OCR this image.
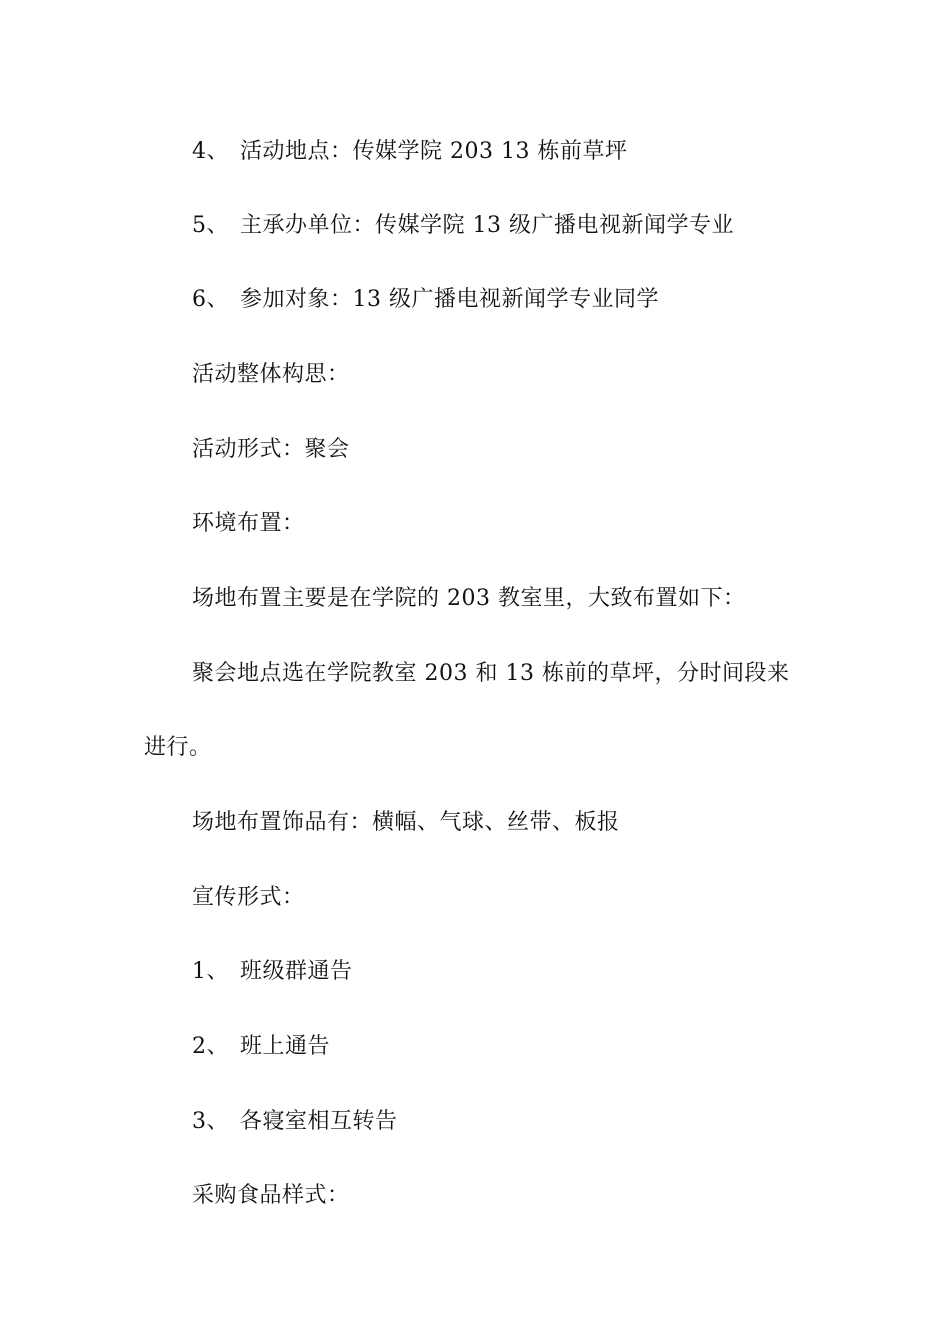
4、 活动地点：传媒学院 203 13 栋前草坪
5、 主承办单位：传媒学院 13 级广播电视新闻学专业
6、 参加对象：13 级广播电视新闻学专业同学
活动整体构思：
活动形式：聚会
环境布置：
场地布置主要是在学院的 203 教室里，大致布置如下：
聚会地点选在学院教室 203 和 13 栋前的草坪，分时间段来
进行。
场地布置饰品有：横幅、气球、丝带、板报
宣传形式：
1、 班级群通告
2、 班上通告
3、 各寝室相互转告
采购食品样式：
